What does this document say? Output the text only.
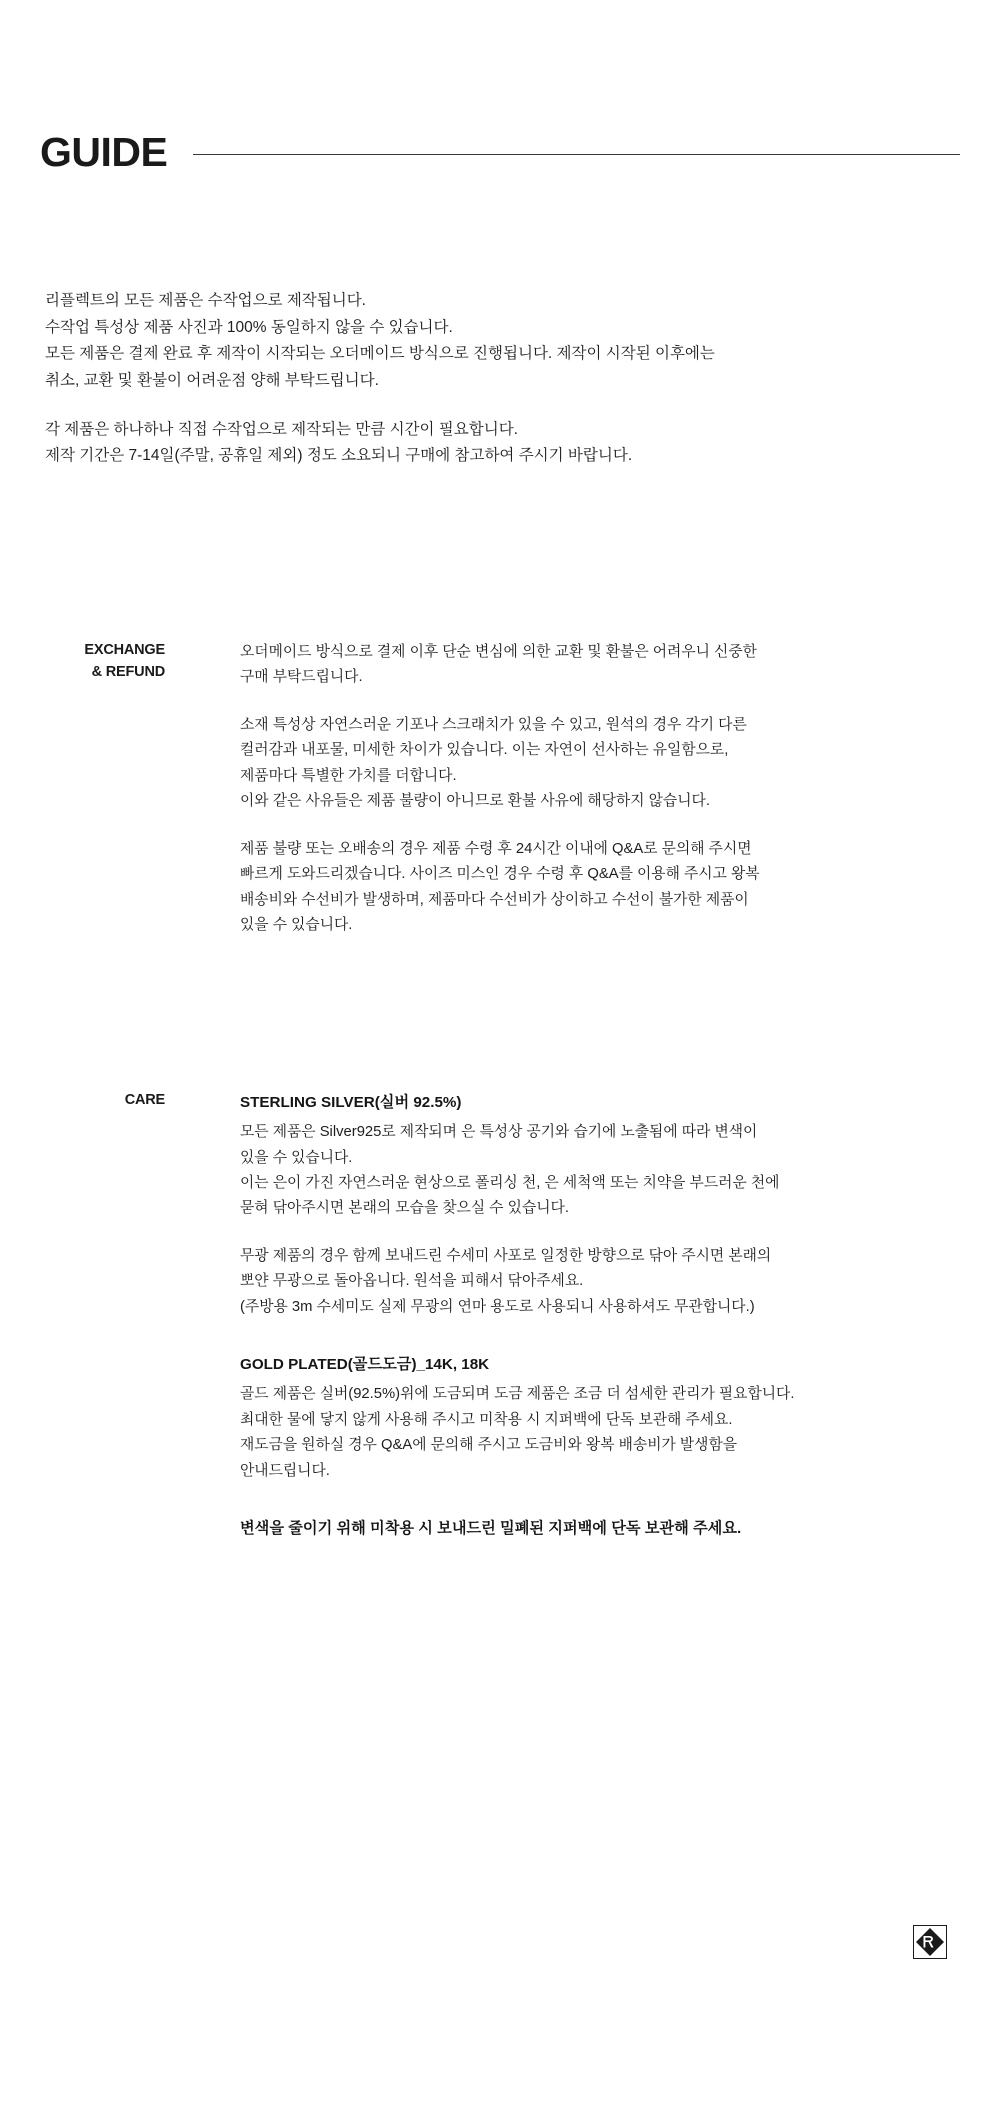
GUIDE

리플렉트의 모든 제품은 수작업으로 제작됩니다.

수작업 특성상 제품 사진과 100% 동일하지 않을 수 있습니다.

모든 제품은 결제 완료 후 제작이 시작되는 오더메이드 방식으로 진행됩니다. 제작이 시작된 이후에는

취소, 교환 및 환불이 어려운점 양해 부탁드립니다.

각 제품은 하나하나 직접 수작업으로 제작되는 만큼 시간이 필요합니다.

제작 기간은 7-14일(주말, 공휴일 제외) 정도 소요되니 구매에 참고하여 주시기 바랍니다.

EXCHANGE
& REFUND

오더메이드 방식으로 결제 이후 단순 변심에 의한 교환 및 환불은 어려우니 신중한

구매 부탁드립니다.

소재 특성상 자연스러운 기포나 스크래치가 있을 수 있고, 원석의 경우 각기 다른

컬러감과 내포물, 미세한 차이가 있습니다. 이는 자연이 선사하는 유일함으로,

제품마다 특별한 가치를 더합니다.

이와 같은 사유들은 제품 불량이 아니므로 환불 사유에 해당하지 않습니다.

제품 불량 또는 오배송의 경우 제품 수령 후 24시간 이내에 Q&A로 문의해 주시면

빠르게 도와드리겠습니다. 사이즈 미스인 경우 수령 후 Q&A를 이용해 주시고 왕복

배송비와 수선비가 발생하며, 제품마다 수선비가 상이하고 수선이 불가한 제품이

있을 수 있습니다.

CARE	STERLING SILVER(실버 92.5%)

모든 제품은 Silver925로 제작되며 은 특성상 공기와 습기에 노출됨에 따라 변색이

있을 수 있습니다.

이는 은이 가진 자연스러운 현상으로 폴리싱 천, 은 세척액 또는 치약을 부드러운 천에

묻혀 닦아주시면 본래의 모습을 찾으실 수 있습니다.

무광 제품의 경우 함께 보내드린 수세미 사포로 일정한 방향으로 닦아 주시면 본래의

뽀얀 무광으로 돌아옵니다. 원석을 피해서 닦아주세요.

(주방용 3m 수세미도 실제 무광의 연마 용도로 사용되니 사용하셔도 무관합니다.)

GOLD PLATED(골드도금)_14K, 18K

골드 제품은 실버(92.5%)위에 도금되며 도금 제품은 조금 더 섬세한 관리가 필요합니다.

최대한 물에 닿지 않게 사용해 주시고 미착용 시 지퍼백에 단독 보관해 주세요.

재도금을 원하실 경우 Q&A에 문의해 주시고 도금비와 왕복 배송비가 발생함을

안내드립니다.

변색을 줄이기 위해 미착용 시 보내드린 밀폐된 지퍼백에 단독 보관해 주세요.
